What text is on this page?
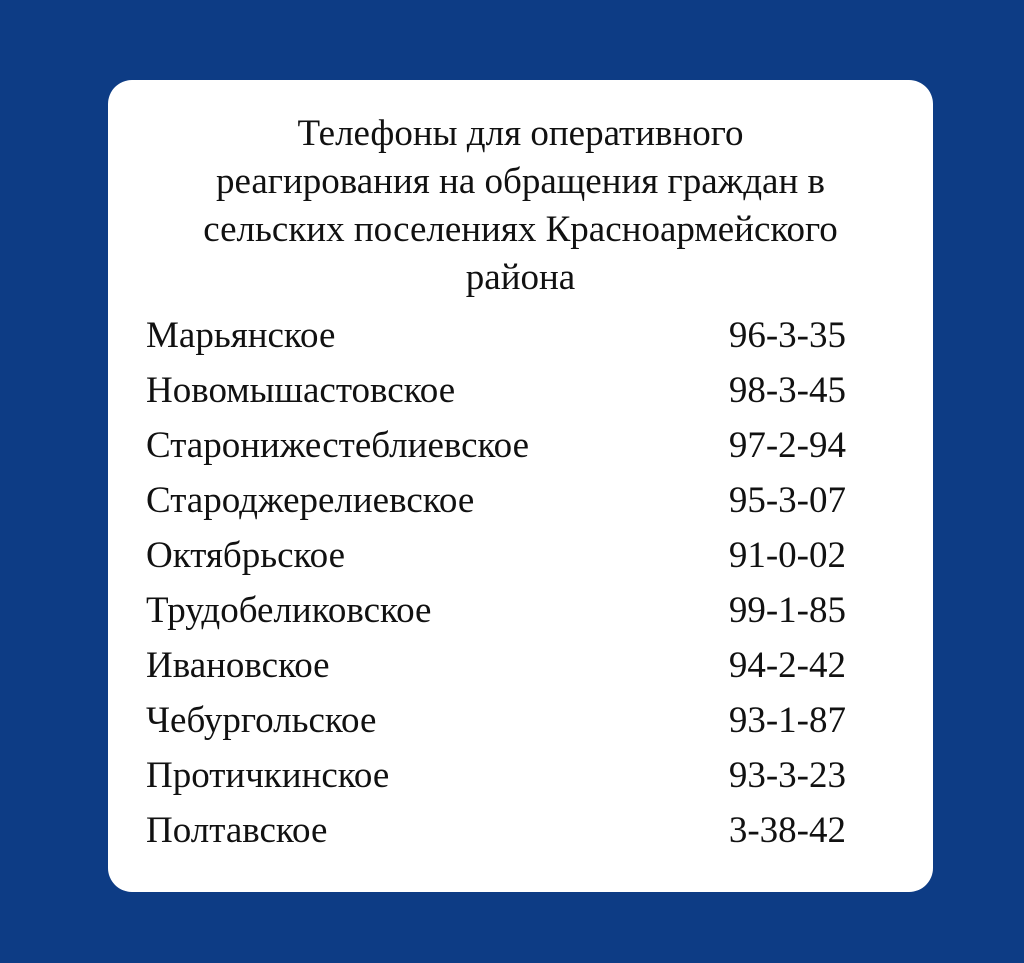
Телефоны для оперативного
реагирования на обращения граждан в
сельских поселениях Красноармейского
района
Марьянское	96-3-35
Новомышастовское	98-3-45
Старонижестеблиевское	97-2-94
Староджерелиевское	95-3-07
Октябрьское	91-0-02
Трудобеликовское	99-1-85
Ивановское	94-2-42
Чебургольское	93-1-87
Протичкинское	93-3-23
Полтавское	3-38-42
